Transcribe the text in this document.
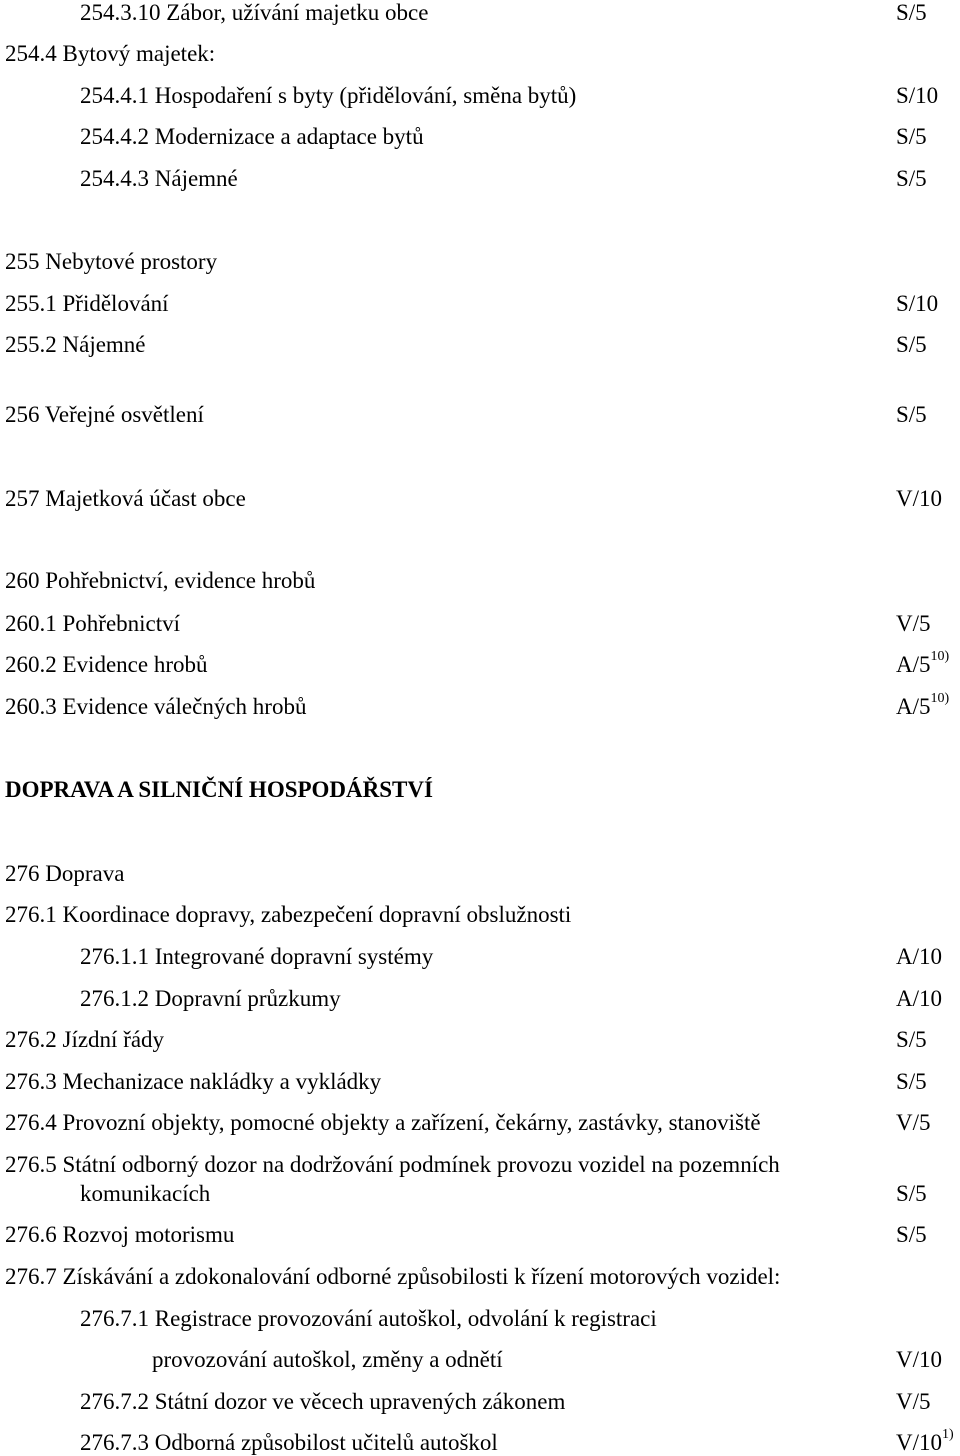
254.3.10 Zábor, užívání majetku obce	S/5
254.4 Bytový majetek:
254.4.1 Hospodaření s byty (přidělování, směna bytů)	S/10
254.4.2 Modernizace a adaptace bytů	S/5
254.4.3 Nájemné	S/5
255 Nebytové prostory
255.1 Přidělování	S/10
255.2 Nájemné	S/5
256 Veřejné osvětlení	S/5
257 Majetková účast obce	V/10
260 Pohřebnictví, evidence hrobů
260.1 Pohřebnictví	V/5
260.2 Evidence hrobů	A/5$^{10)}$
260.3 Evidence válečných hrobů	A/5$^{10)}$
DOPRAVA A SILNIČNÍ HOSPODÁŘSTVÍ
276 Doprava
276.1 Koordinace dopravy, zabezpečení dopravní obslužnosti
276.1.1 Integrované dopravní systémy	A/10
276.1.2 Dopravní průzkumy	A/10
276.2 Jízdní řády	S/5
276.3 Mechanizace nakládky a vykládky	S/5
276.4 Provozní objekty, pomocné objekty a zařízení, čekárny, zastávky, stanoviště	V/5
276.5 Státní odborný dozor na dodržování podmínek provozu vozidel na pozemních
komunikacích	S/5
276.6 Rozvoj motorismu	S/5
276.7 Získávání a zdokonalování odborné způsobilosti k řízení motorových vozidel:
276.7.1 Registrace provozování autoškol, odvolání k registraci
provozování autoškol, změny a odnětí	V/10
276.7.2 Státní dozor ve věcech upravených zákonem	V/5
276.7.3 Odborná způsobilost učitelů autoškol	V/10$^{1)}$
